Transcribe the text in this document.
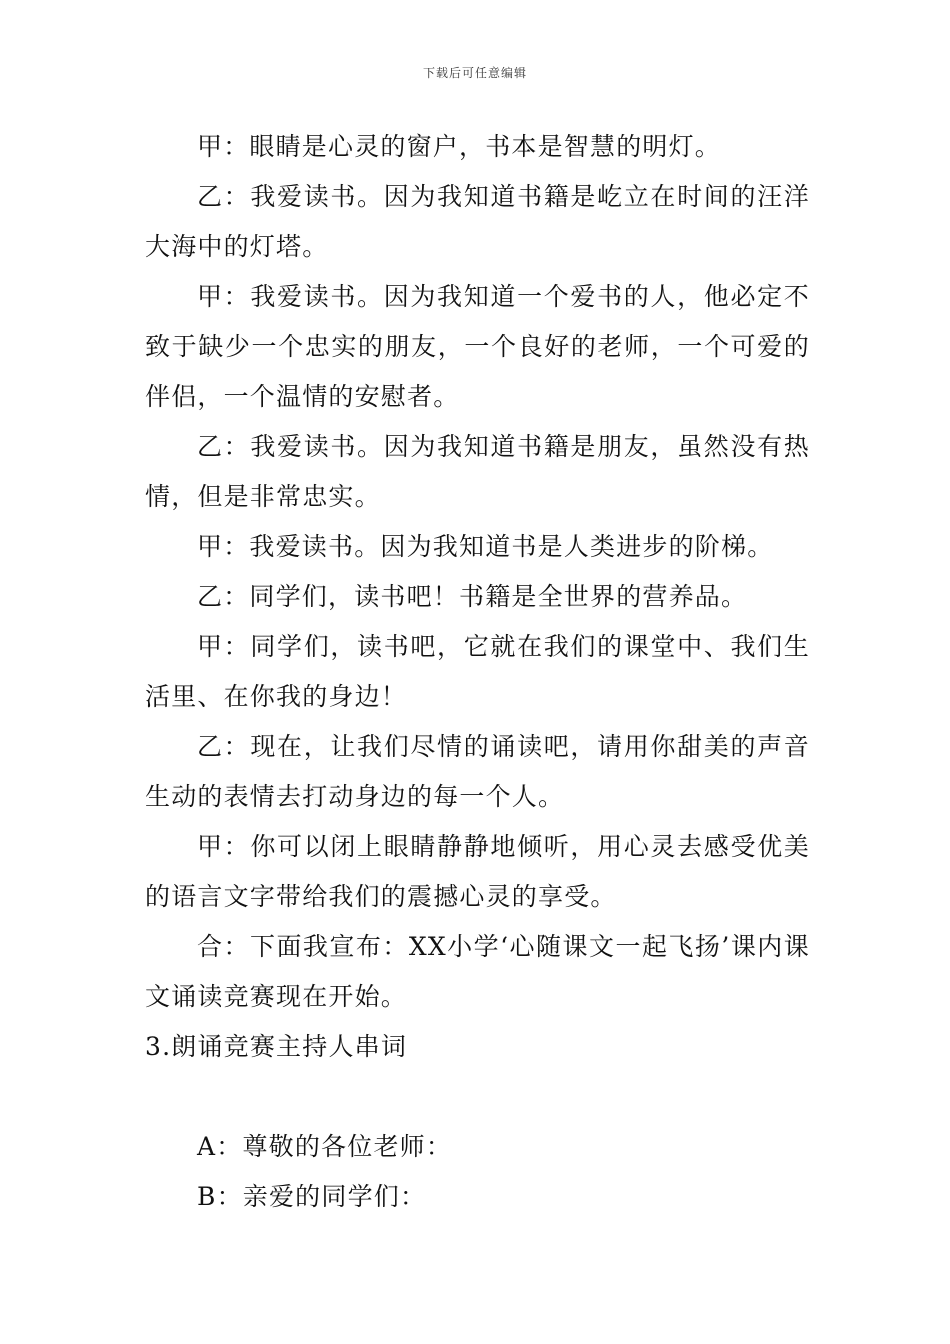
下载后可任意编辑

甲：眼睛是心灵的窗户，书本是智慧的明灯。

乙：我爱读书。因为我知道书籍是屹立在时间的汪洋大海中的灯塔。

甲：我爱读书。因为我知道一个爱书的人，他必定不致于缺少一个忠实的朋友，一个良好的老师，一个可爱的伴侣，一个温情的安慰者。

乙：我爱读书。因为我知道书籍是朋友，虽然没有热情，但是非常忠实。

甲：我爱读书。因为我知道书是人类进步的阶梯。

乙：同学们，读书吧！书籍是全世界的营养品。

甲：同学们，读书吧，它就在我们的课堂中、我们生活里、在你我的身边！

乙：现在，让我们尽情的诵读吧，请用你甜美的声音生动的表情去打动身边的每一个人。

甲：你可以闭上眼睛静静地倾听，用心灵去感受优美的语言文字带给我们的震撼心灵的享受。

合：下面我宣布：XX小学‘心随课文一起飞扬’课内课文诵读竞赛现在开始。

3.朗诵竞赛主持人串词

A：尊敬的各位老师：

B：亲爱的同学们：
